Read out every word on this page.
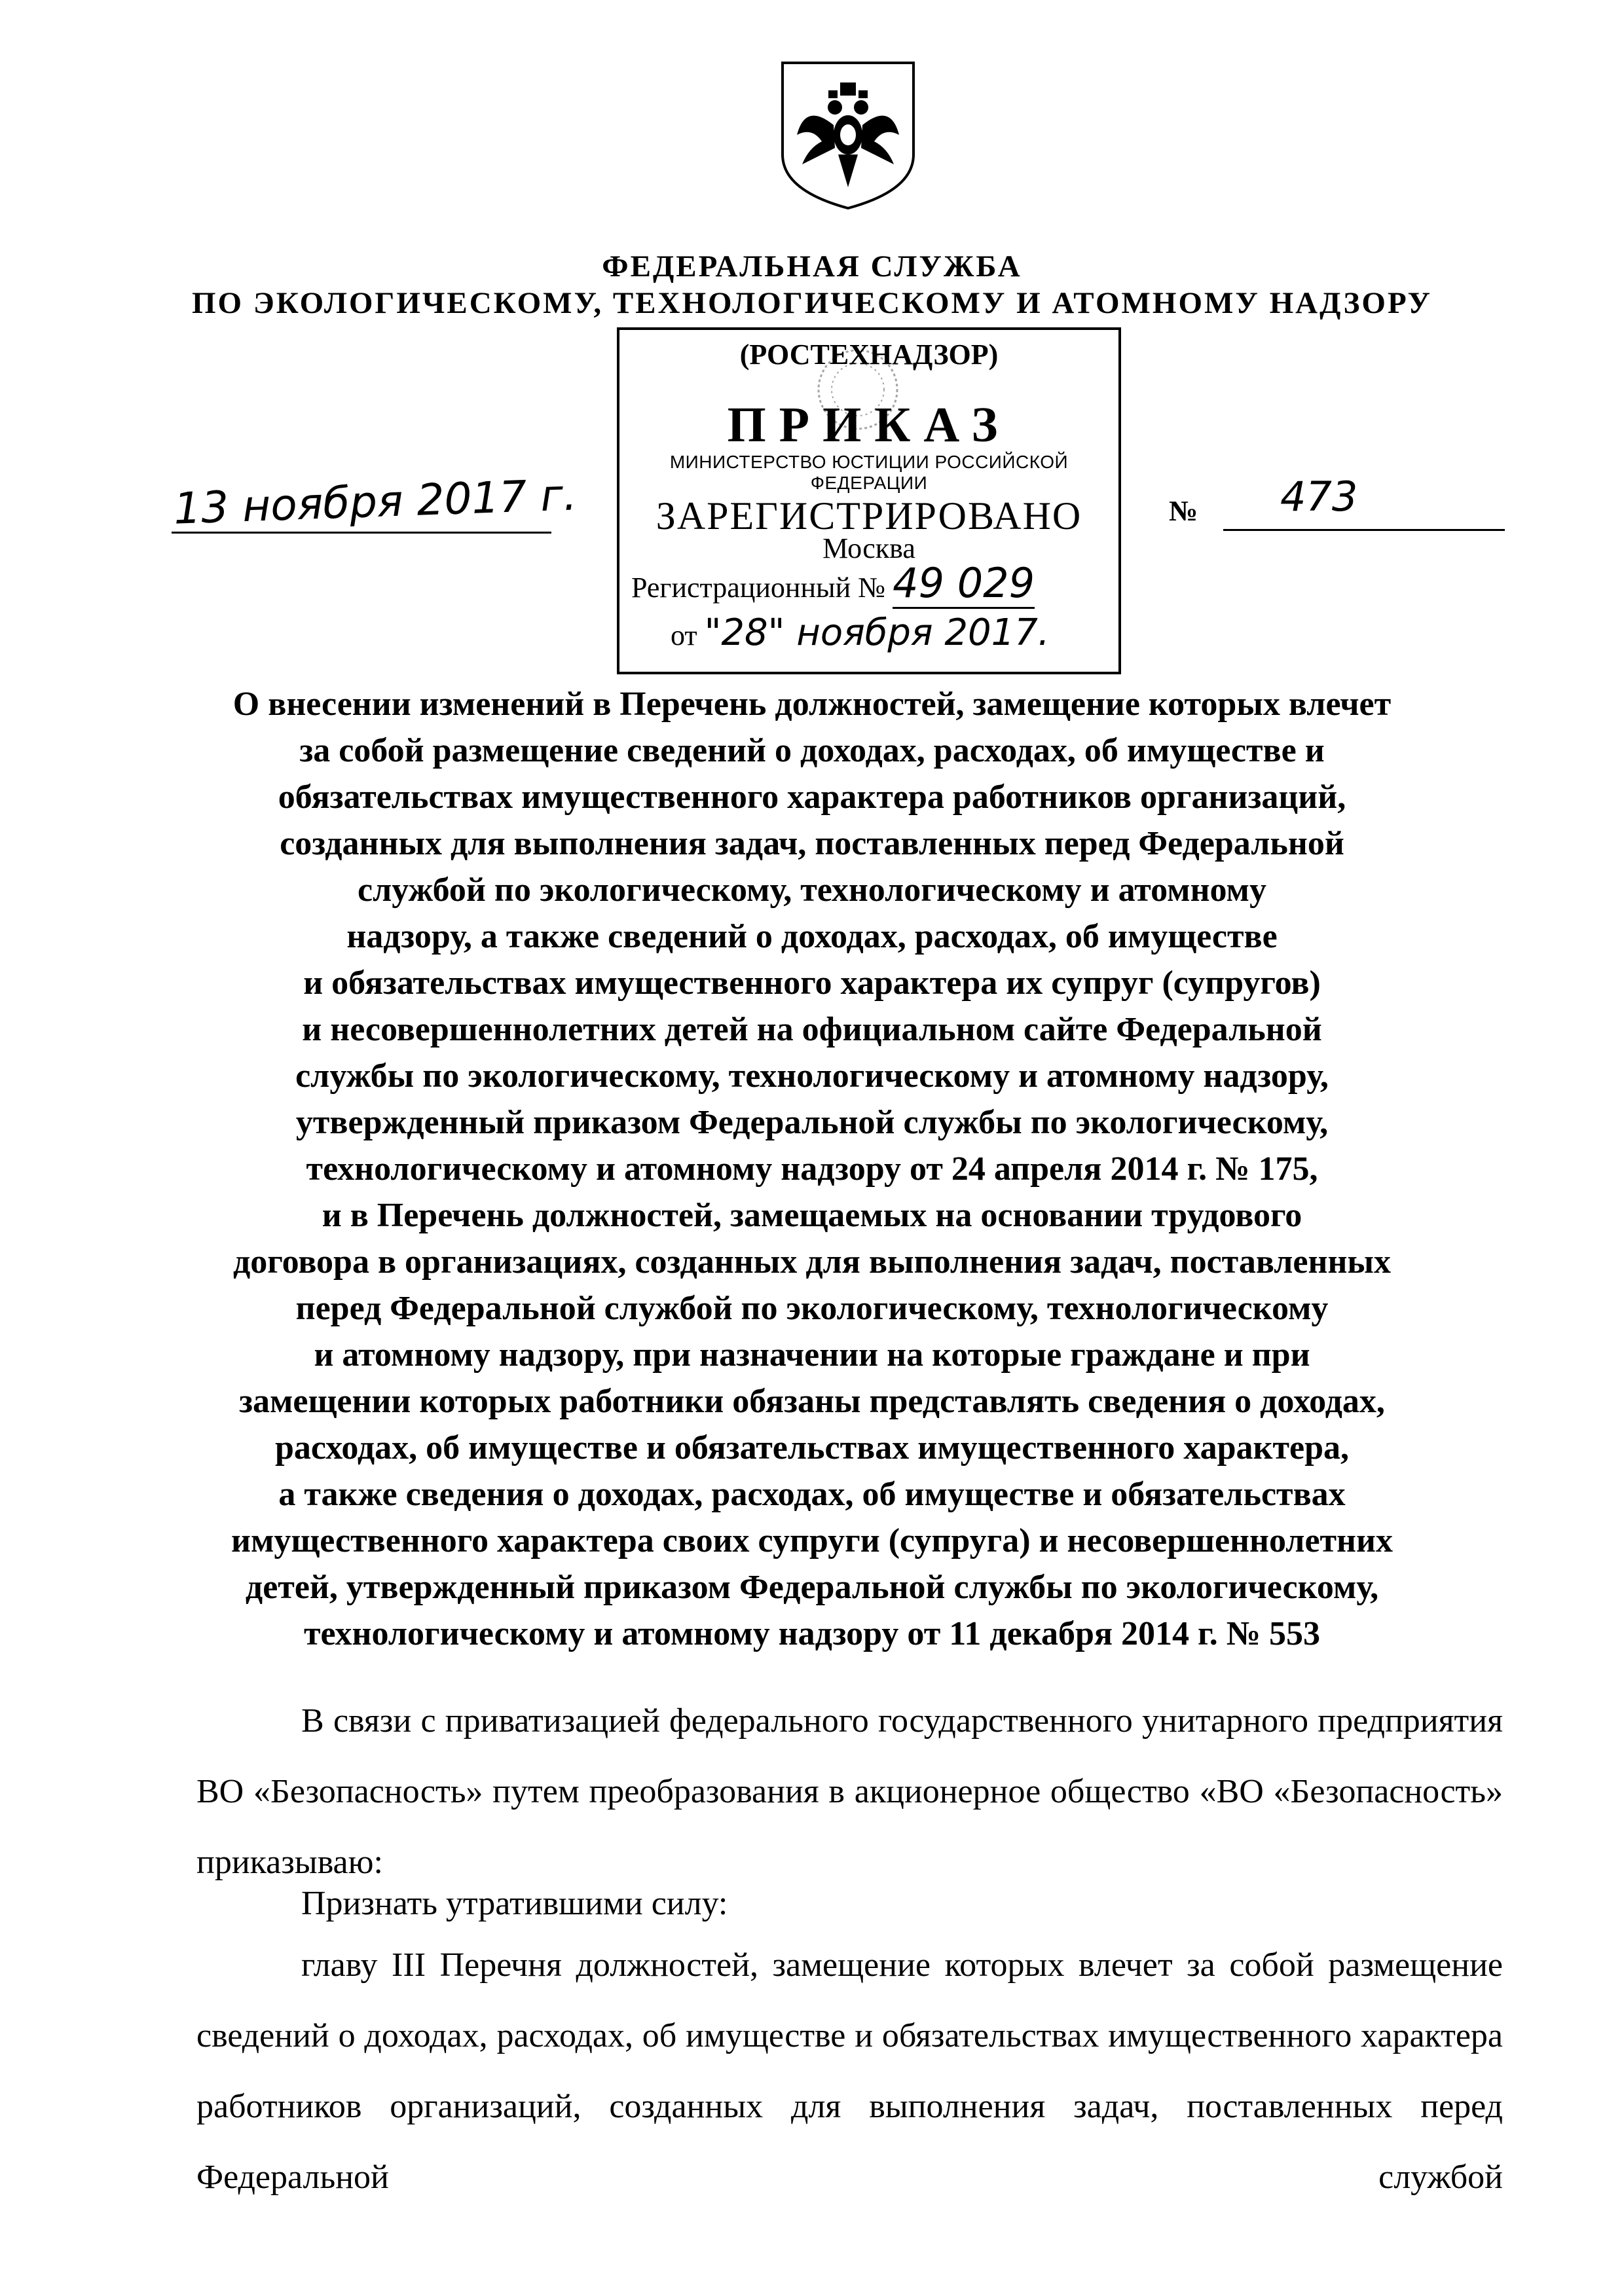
ФЕДЕРАЛЬНАЯ СЛУЖБА
ПО ЭКОЛОГИЧЕСКОМУ, ТЕХНОЛОГИЧЕСКОМУ И АТОМНОМУ НАДЗОРУ
(РОСТЕХНАДЗОР)
ПРИКАЗ
МИНИСТЕРСТВО ЮСТИЦИИ РОССИЙСКОЙ ФЕДЕРАЦИИ
ЗАРЕГИСТРИРОВАНО
Москва
Регистрационный № 49 029
от "28" ноября 2017.
13 ноября 2017 г.	№ 473
О внесении изменений в Перечень должностей, замещение которых влечет
за собой размещение сведений о доходах, расходах, об имуществе и
обязательствах имущественного характера работников организаций,
созданных для выполнения задач, поставленных перед Федеральной
службой по экологическому, технологическому и атомному
надзору, а также сведений о доходах, расходах, об имуществе
и обязательствах имущественного характера их супруг (супругов)
и несовершеннолетних детей на официальном сайте Федеральной
службы по экологическому, технологическому и атомному надзору,
утвержденный приказом Федеральной службы по экологическому,
технологическому и атомному надзору от 24 апреля 2014 г. № 175,
и в Перечень должностей, замещаемых на основании трудового
договора в организациях, созданных для выполнения задач, поставленных
перед Федеральной службой по экологическому, технологическому
и атомному надзору, при назначении на которые граждане и при
замещении которых работники обязаны представлять сведения о доходах,
расходах, об имуществе и обязательствах имущественного характера,
а также сведения о доходах, расходах, об имуществе и обязательствах
имущественного характера своих супруги (супруга) и несовершеннолетних
детей, утвержденный приказом Федеральной службы по экологическому,
технологическому и атомному надзору от 11 декабря 2014 г. № 553
В связи с приватизацией федерального государственного унитарного предприятия ВО «Безопасность» путем преобразования в акционерное общество «ВО «Безопасность» приказываю:
Признать утратившими силу:
главу III Перечня должностей, замещение которых влечет за собой размещение сведений о доходах, расходах, об имуществе и обязательствах имущественного характера работников организаций, созданных для выполнения задач, поставленных перед Федеральной службой
